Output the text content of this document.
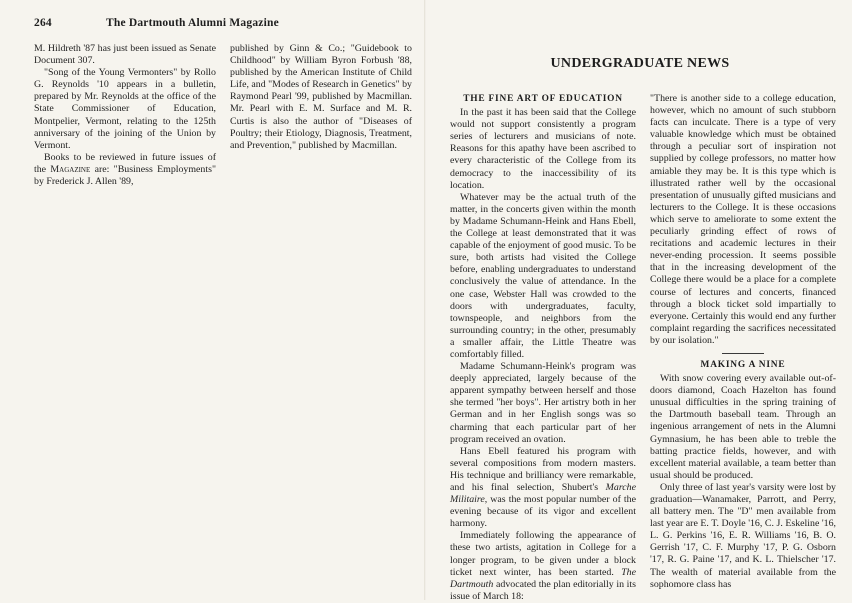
264	The Dartmouth Alumni Magazine

M. Hildreth '87 has just been issued as Senate Document 307.

"Song of the Young Vermonters" by Rollo G. Reynolds '10 appears in a bulletin, prepared by Mr. Reynolds at the office of the State Commissioner of Education, Montpelier, Vermont, relating to the 125th anniversary of the joining of the Union by Vermont.

Books to be reviewed in future issues of the Magazine are: "Business Employments" by Frederick J. Allen '89,

published by Ginn & Co.; "Guidebook to Childhood" by William Byron Forbush '88, published by the American Institute of Child Life, and "Modes of Research in Genetics" by Raymond Pearl '99, published by Macmillan. Mr. Pearl with E. M. Surface and M. R. Curtis is also the author of "Diseases of Poultry; their Etiology, Diagnosis, Treatment, and Prevention," published by Macmillan.

UNDERGRADUATE NEWS
THE FINE ART OF EDUCATION

In the past it has been said that the College would not support consistently a program series of lecturers and musicians of note. Reasons for this apathy have been ascribed to every characteristic of the College from its democracy to the inaccessibility of its location.

Whatever may be the actual truth of the matter, in the concerts given within the month by Madame Schumann-Heink and Hans Ebell, the College at least demonstrated that it was capable of the enjoyment of good music. To be sure, both artists had visited the College before, enabling undergraduates to understand conclusively the value of attendance. In the one case, Webster Hall was crowded to the doors with undergraduates, faculty, townspeople, and neighbors from the surrounding country; in the other, presumably a smaller affair, the Little Theatre was comfortably filled.

Madame Schumann-Heink's program was deeply appreciated, largely because of the apparent sympathy between herself and those she termed "her boys". Her artistry both in her German and in her English songs was so charming that each particular part of her program received an ovation.

Hans Ebell featured his program with several compositions from modern masters. His technique and brilliancy were remarkable, and his final selection, Shubert's Marche Militaire, was the most popular number of the evening because of its vigor and excellent harmony.

Immediately following the appearance of these two artists, agitation in College for a longer program, to be given under a block ticket next winter, has been started. The Dartmouth advocated the plan editorially in its issue of March 18:

"There is another side to a college education, however, which no amount of such stubborn facts can inculcate. There is a type of very valuable knowledge which must be obtained through a peculiar sort of inspiration not supplied by college professors, no matter how amiable they may be. It is this type which is illustrated rather well by the occasional presentation of unusually gifted musicians and lecturers to the College. It is these occasions which serve to ameliorate to some extent the peculiarly grinding effect of rows of recitations and academic lectures in their never-ending procession. It seems possible that in the increasing development of the College there would be a place for a complete course of lectures and concerts, financed through a block ticket sold impartially to everyone. Certainly this would end any further complaint regarding the sacrifices necessitated by our isolation."

MAKING A NINE

With snow covering every available out-of-doors diamond, Coach Hazelton has found unusual difficulties in the spring training of the Dartmouth baseball team. Through an ingenious arrangement of nets in the Alumni Gymnasium, he has been able to treble the batting practice fields, however, and with excellent material available, a team better than usual should be produced.

Only three of last year's varsity were lost by graduation—Wanamaker, Parrott, and Perry, all battery men. The "D" men available from last year are E. T. Doyle '16, C. J. Eskeline '16, L. G. Perkins '16, E. R. Williams '16, B. O. Gerrish '17, C. F. Murphy '17, P. G. Osborn '17, R. G. Paine '17, and K. L. Thielscher '17. The wealth of material available from the sophomore class has
